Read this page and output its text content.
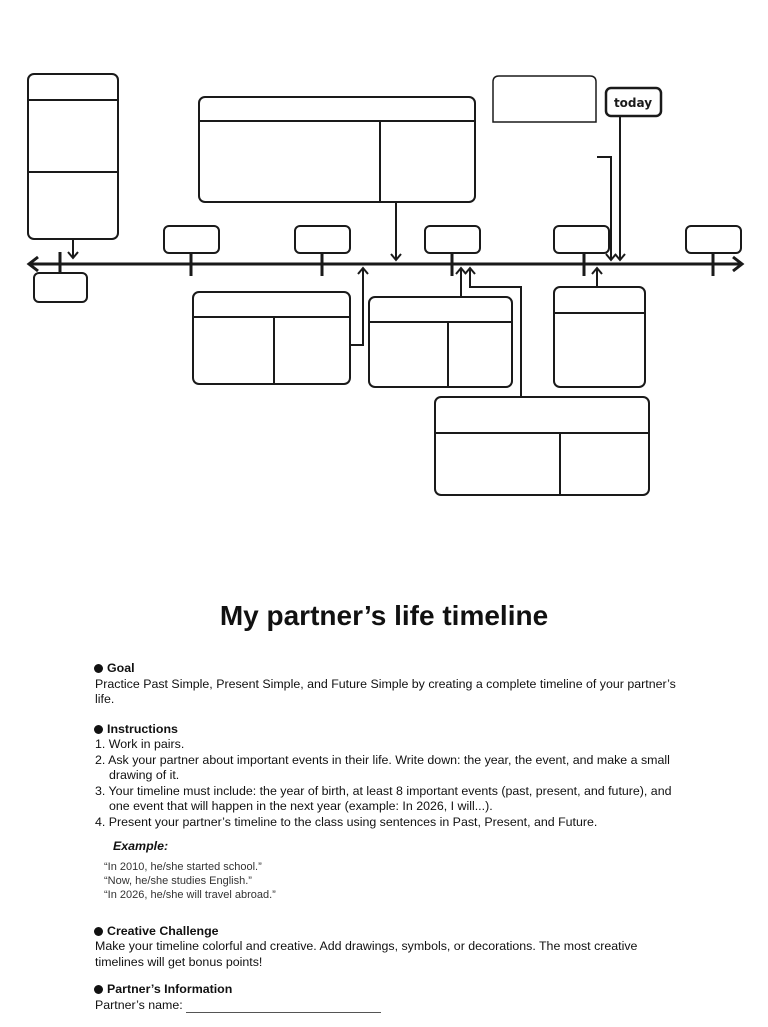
today
My partner’s life timeline

Goal

Practice Past Simple, Present Simple, and Future Simple by creating a complete timeline of your partner’s life.

Instructions

1. Work in pairs.
2. Ask your partner about important events in their life. Write down: the year, the event, and make a small drawing of it.
3. Your timeline must include: the year of birth, at least 8 important events (past, present, and future), and one event that will happen in the next year (example: In 2026, I will...).
4. Present your partner’s timeline to the class using sentences in Past, Present, and Future.

Example:

“In 2010, he/she started school.”

“Now, he/she studies English.”

“In 2026, he/she will travel abroad.”

Creative Challenge

Make your timeline colorful and creative. Add drawings, symbols, or decorations. The most creative timelines will get bonus points!

Partner’s Information

Partner’s name:
